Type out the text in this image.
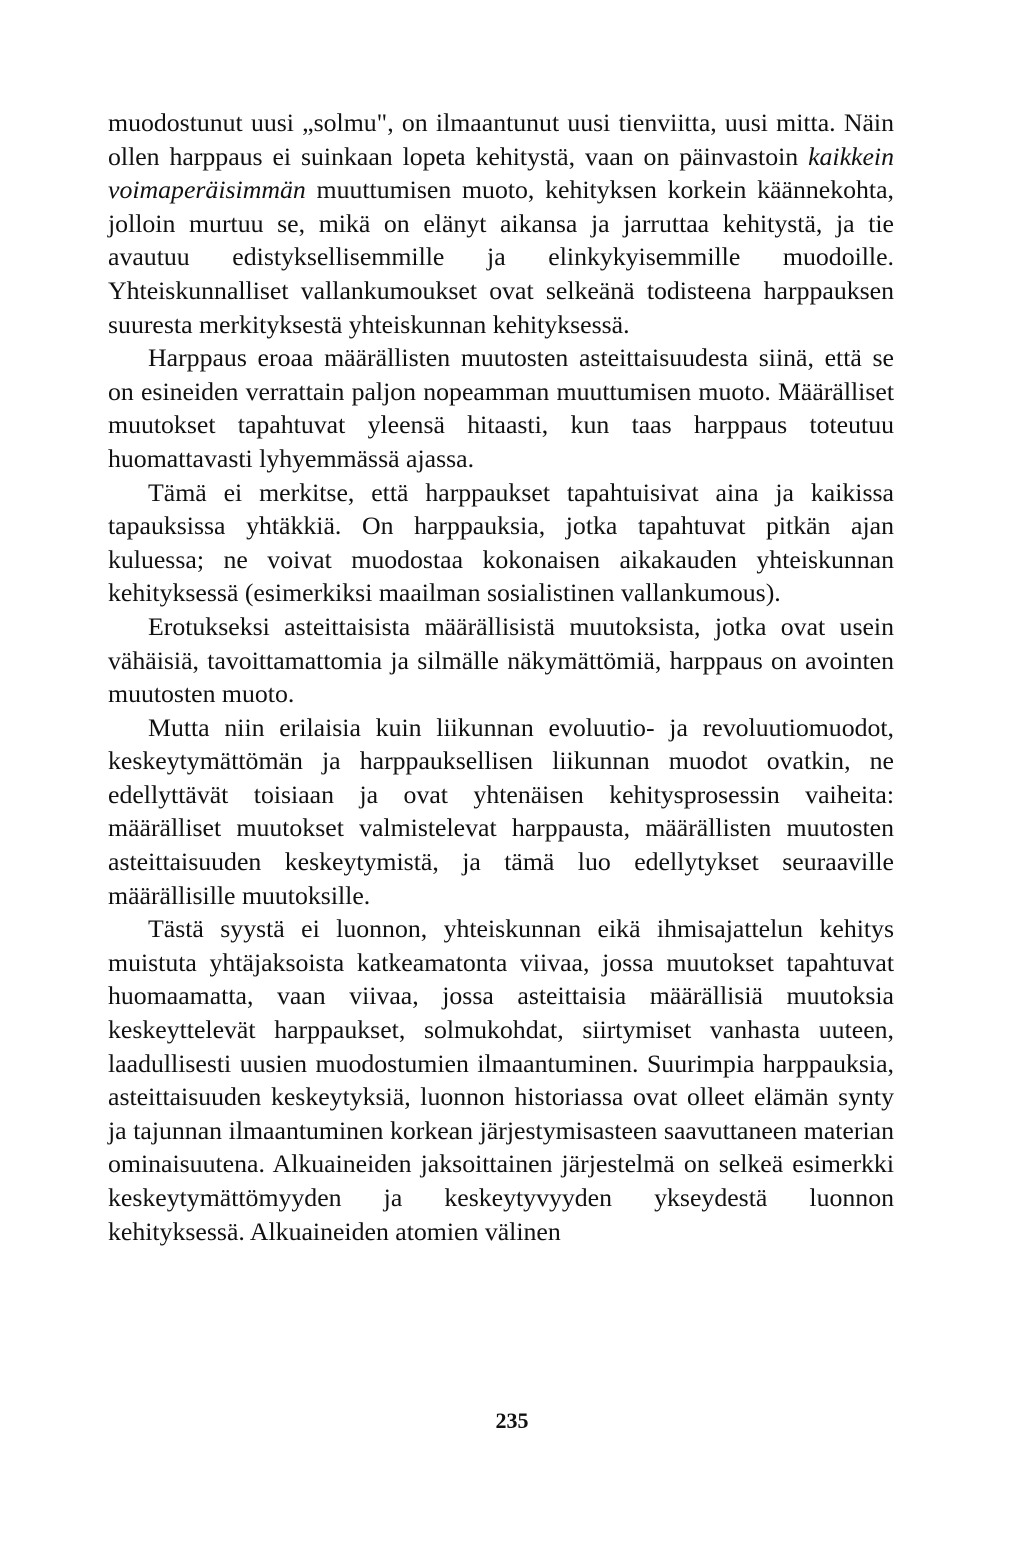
muodostunut uusi „solmu", on ilmaantunut uusi tienviitta, uusi mitta. Näin ollen harppaus ei suinkaan lopeta kehitystä, vaan on päinvastoin kaikkein voimaperäisimmän muuttumisen muoto, kehityksen korkein käännekohta, jolloin murtuu se, mikä on elänyt aikansa ja jarruttaa kehitystä, ja tie avautuu edistyksellisemmille ja elinkykyisemmille muodoille. Yhteiskunnalliset vallankumoukset ovat selkeänä todisteena harppauksen suuresta merkityksestä yhteiskunnan kehityksessä.

Harppaus eroaa määrällisten muutosten asteittaisuudesta siinä, että se on esineiden verrattain paljon nopeamman muuttumisen muoto. Määrälliset muutokset tapahtuvat yleensä hitaasti, kun taas harppaus toteutuu huomattavasti lyhyemmässä ajassa.

Tämä ei merkitse, että harppaukset tapahtuisivat aina ja kaikissa tapauksissa yhtäkkiä. On harppauksia, jotka tapahtuvat pitkän ajan kuluessa; ne voivat muodostaa kokonaisen aikakauden yhteiskunnan kehityksessä (esimerkiksi maailman sosialistinen vallankumous).

Erotukseksi asteittaisista määrällisistä muutoksista, jotka ovat usein vähäisiä, tavoittamattomia ja silmälle näkymättömiä, harppaus on avointen muutosten muoto.

Mutta niin erilaisia kuin liikunnan evoluutio- ja revoluutiomuodot, keskeytymättömän ja harppauksellisen liikunnan muodot ovatkin, ne edellyttävät toisiaan ja ovat yhtenäisen kehitysprosessin vaiheita: määrälliset muutokset valmistelevat harppausta, määrällisten muutosten asteittaisuuden keskeytymistä, ja tämä luo edellytykset seuraaville määrällisille muutoksille.

Tästä syystä ei luonnon, yhteiskunnan eikä ihmisajattelun kehitys muistuta yhtäjaksoista katkeamatonta viivaa, jossa muutokset tapahtuvat huomaamatta, vaan viivaa, jossa asteittaisia määrällisiä muutoksia keskeyttelevät harppaukset, solmukohdat, siirtymiset vanhasta uuteen, laadullisesti uusien muodostumien ilmaantuminen. Suurimpia harppauksia, asteittaisuuden keskeytyksiä, luonnon historiassa ovat olleet elämän synty ja tajunnan ilmaantuminen korkean järjestymisasteen saavuttaneen materian ominaisuutena. Alkuaineiden jaksoittainen järjestelmä on selkeä esimerkki keskeytymättömyyden ja keskeytyvyyden ykseydestä luonnon kehityksessä. Alkuaineiden atomien välinen

235
